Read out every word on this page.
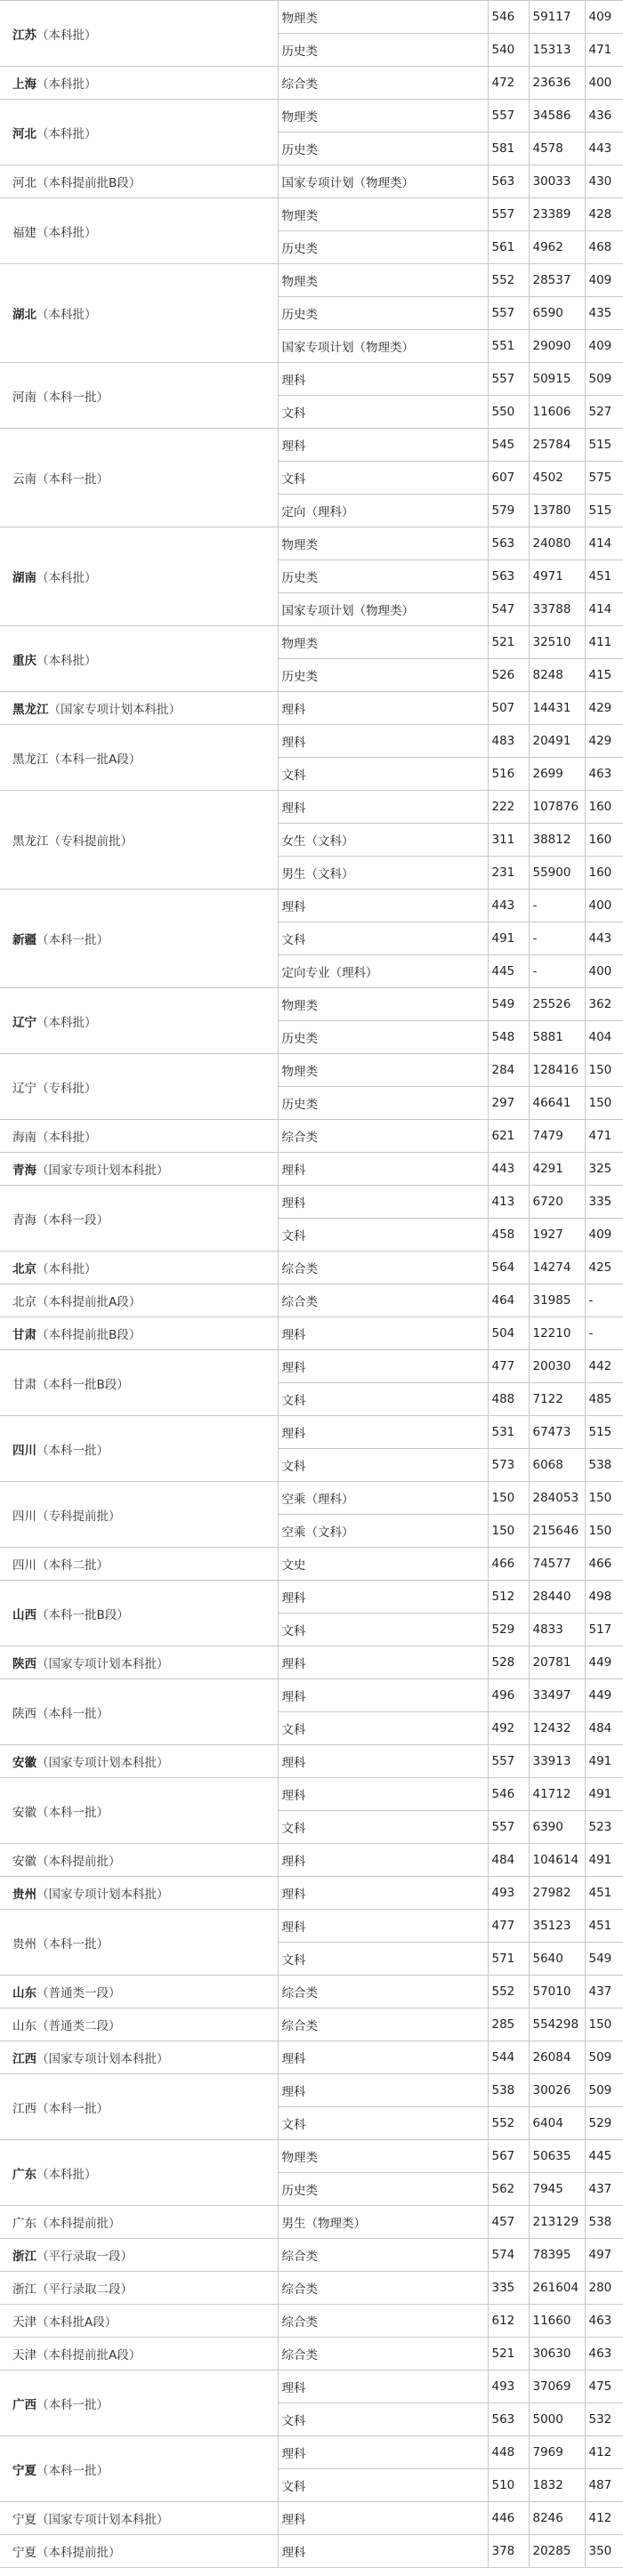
江苏（本科批）	物理类	546	59117	409
	历史类	540	15313	471
上海（本科批）	综合类	472	23636	400
河北（本科批）	物理类	557	34586	436
	历史类	581	4578	443
河北（本科提前批B段）	国家专项计划（物理类）	563	30033	430
福建（本科批）	物理类	557	23389	428
	历史类	561	4962	468
湖北（本科批）	物理类	552	28537	409
	历史类	557	6590	435
	国家专项计划（物理类）	551	29090	409
河南（本科一批）	理科	557	50915	509
	文科	550	11606	527
云南（本科一批）	理科	545	25784	515
	文科	607	4502	575
	定向（理科）	579	13780	515
湖南（本科批）	物理类	563	24080	414
	历史类	563	4971	451
	国家专项计划（物理类）	547	33788	414
重庆（本科批）	物理类	521	32510	411
	历史类	526	8248	415
黑龙江（国家专项计划本科批）	理科	507	14431	429
黑龙江（本科一批A段）	理科	483	20491	429
	文科	516	2699	463
黑龙江（专科提前批）	理科	222	107876	160
	女生（文科）	311	38812	160
	男生（文科）	231	55900	160
新疆（本科一批）	理科	443	-	400
	文科	491	-	443
	定向专业（理科）	445	-	400
辽宁（本科批）	物理类	549	25526	362
	历史类	548	5881	404
辽宁（专科批）	物理类	284	128416	150
	历史类	297	46641	150
海南（本科批）	综合类	621	7479	471
青海（国家专项计划本科批）	理科	443	4291	325
青海（本科一段）	理科	413	6720	335
	文科	458	1927	409
北京（本科批）	综合类	564	14274	425
北京（本科提前批A段）	综合类	464	31985	-
甘肃（本科提前批B段）	理科	504	12210	-
甘肃（本科一批B段）	理科	477	20030	442
	文科	488	7122	485
四川（本科一批）	理科	531	67473	515
	文科	573	6068	538
四川（专科提前批）	空乘（理科）	150	284053	150
	空乘（文科）	150	215646	150
四川（本科二批）	文史	466	74577	466
山西（本科一批B段）	理科	512	28440	498
	文科	529	4833	517
陕西（国家专项计划本科批）	理科	528	20781	449
陕西（本科一批）	理科	496	33497	449
	文科	492	12432	484
安徽（国家专项计划本科批）	理科	557	33913	491
安徽（本科一批）	理科	546	41712	491
	文科	557	6390	523
安徽（本科提前批）	理科	484	104614	491
贵州（国家专项计划本科批）	理科	493	27982	451
贵州（本科一批）	理科	477	35123	451
	文科	571	5640	549
山东（普通类一段）	综合类	552	57010	437
山东（普通类二段）	综合类	285	554298	150
江西（国家专项计划本科批）	理科	544	26084	509
江西（本科一批）	理科	538	30026	509
	文科	552	6404	529
广东（本科批）	物理类	567	50635	445
	历史类	562	7945	437
广东（本科提前批）	男生（物理类）	457	213129	538
浙江（平行录取一段）	综合类	574	78395	497
浙江（平行录取二段）	综合类	335	261604	280
天津（本科批A段）	综合类	612	11660	463
天津（本科提前批A段）	综合类	521	30630	463
广西（本科一批）	理科	493	37069	475
	文科	563	5000	532
宁夏（本科一批）	理科	448	7969	412
	文科	510	1832	487
宁夏（国家专项计划本科批）	理科	446	8246	412
宁夏（本科提前批）	理科	378	20285	350
